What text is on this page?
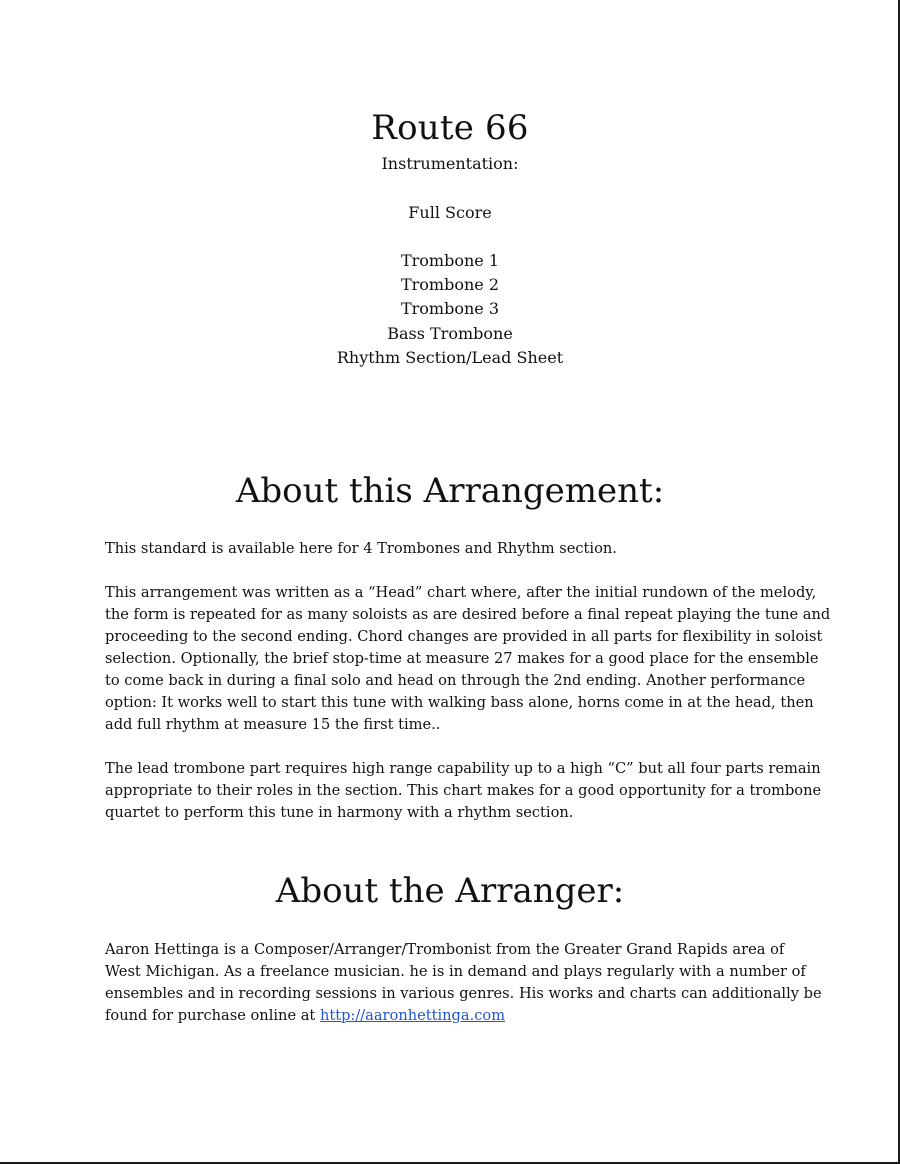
Route 66
Instrumentation:
Full Score
Trombone 1
Trombone 2
Trombone 3
Bass Trombone
Rhythm Section/Lead Sheet
About this Arrangement:
This standard is available here for 4 Trombones and Rhythm section.
This arrangement was written as a “Head” chart where, after the initial rundown of the melody,
the form is repeated for as many soloists as are desired before a final repeat playing the tune and
proceeding to the second ending. Chord changes are provided in all parts for flexibility in soloist
selection. Optionally, the brief stop-time at measure 27 makes for a good place for the ensemble
to come back in during a final solo and head on through the 2nd ending. Another performance
option: It works well to start this tune with walking bass alone, horns come in at the head, then
add full rhythm at measure 15 the first time..
The lead trombone part requires high range capability up to a high “C” but all four parts remain
appropriate to their roles in the section. This chart makes for a good opportunity for a trombone
quartet to perform this tune in harmony with a rhythm section.
About the Arranger:
Aaron Hettinga is a Composer/Arranger/Trombonist from the Greater Grand Rapids area of
West Michigan. As a freelance musician. he is in demand and plays regularly with a number of
ensembles and in recording sessions in various genres. His works and charts can additionally be
found for purchase online at http://aaronhettinga.com
